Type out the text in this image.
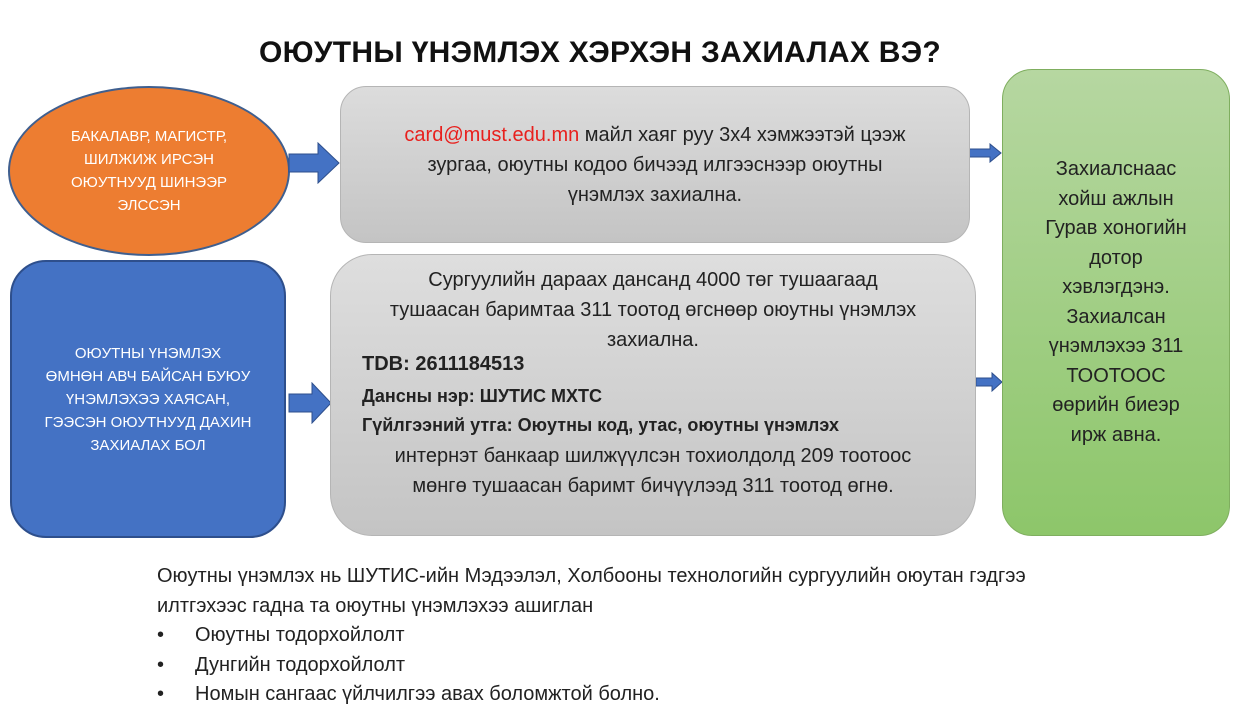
ОЮУТНЫ ҮНЭМЛЭХ ХЭРХЭН ЗАХИАЛАХ ВЭ?
БАКАЛАВР, МАГИСТР,
ШИЛЖИЖ ИРСЭН
ОЮУТНУУД ШИНЭЭР
ЭЛССЭН
ОЮУТНЫ ҮНЭМЛЭХ
ӨМНӨН АВЧ БАЙСАН БУЮУ
ҮНЭМЛЭХЭЭ ХАЯСАН,
ГЭЭСЭН ОЮУТНУУД ДАХИН
ЗАХИАЛАХ БОЛ
card@must.edu.mn майл хаяг руу 3х4 хэмжээтэй цээж
зургаа, оюутны кодоо бичээд илгээснээр оюутны
үнэмлэх захиална.
Сургуулийн дараах дансанд 4000 төг тушаагаад
тушаасан баримтаа 311 тоотод өгснөөр оюутны үнэмлэх
захиална.
TDB: 2611184513
Дансны нэр: ШУТИС МХТС
Гүйлгээний утга: Оюутны код, утас, оюутны үнэмлэх
интернэт банкаар шилжүүлсэн тохиолдолд 209 тоотоос
мөнгө тушаасан баримт бичүүлээд 311 тоотод өгнө.
Захиалснаас
хойш ажлын
Гурав хоногийн
дотор
хэвлэгдэнэ.
Захиалсан
үнэмлэхээ 311
ТООТООС
өөрийн биеэр
ирж авна.
Оюутны үнэмлэх нь ШУТИС-ийн Мэдээлэл, Холбооны технологийн сургуулийн оюутан гэдгээ
илтгэхээс гадна та оюутны үнэмлэхээ ашиглан
• Оюутны тодорхойлолт
• Дунгийн тодорхойлолт
• Номын сангаас үйлчилгээ авах боломжтой болно.
